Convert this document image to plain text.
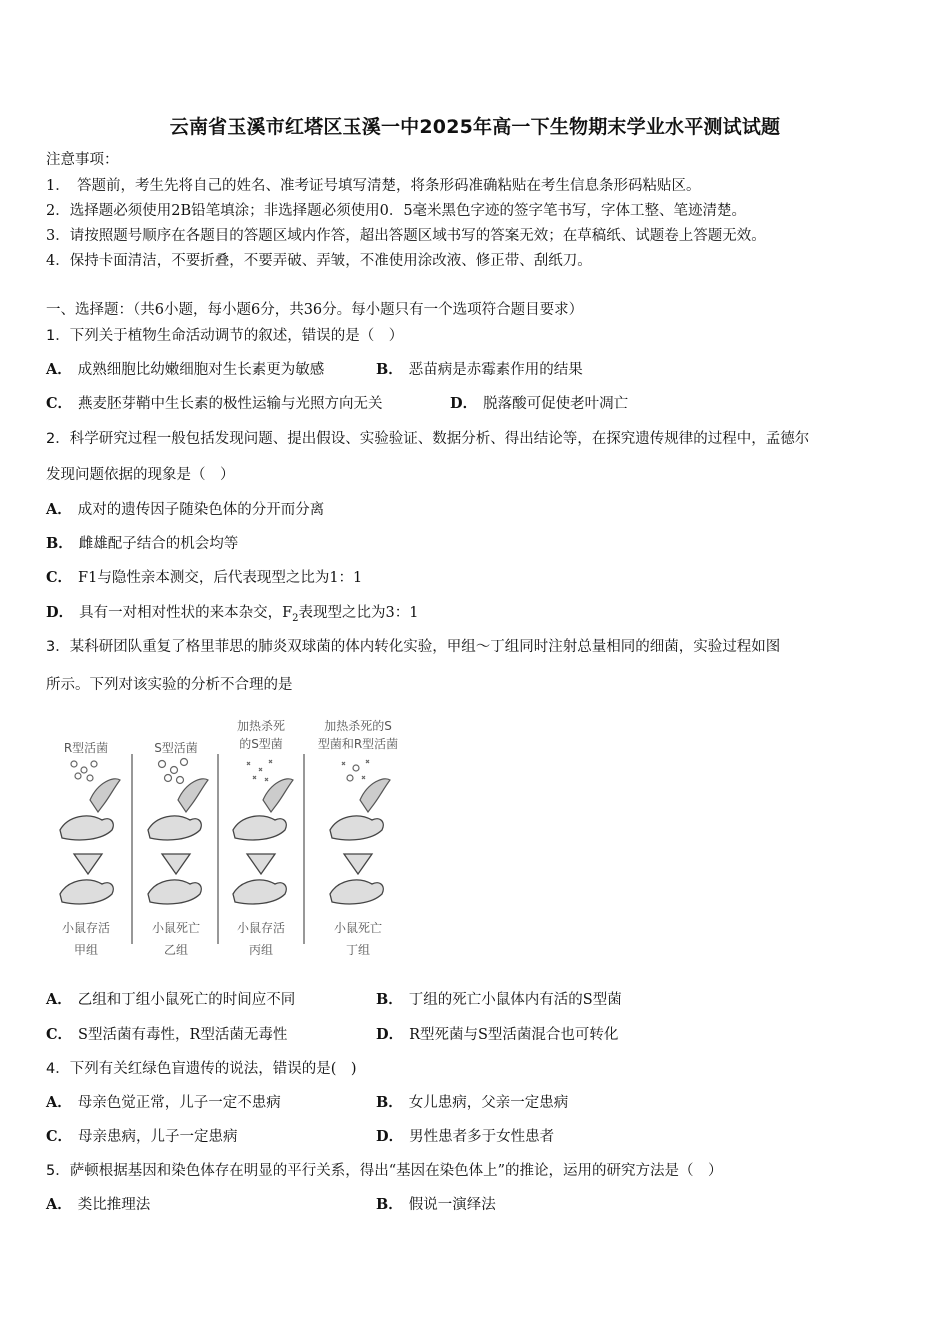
云南省玉溪市红塔区玉溪一中2025年高一下生物期末学业水平测试试题
注意事项：
1．　答题前，考生先将自己的姓名、准考证号填写清楚，将条形码准确粘贴在考生信息条形码粘贴区。
2．选择题必须使用2B铅笔填涂；非选择题必须使用0．5毫米黑色字迹的签字笔书写，字体工整、笔迹清楚。
3．请按照题号顺序在各题目的答题区域内作答，超出答题区域书写的答案无效；在草稿纸、试题卷上答题无效。
4．保持卡面清洁，不要折叠，不要弄破、弄皱，不准使用涂改液、修正带、刮纸刀。
一、选择题：（共6小题，每小题6分，共36分。每小题只有一个选项符合题目要求）
1．下列关于植物生命活动调节的叙述，错误的是（　）
A． 成熟细胞比幼嫩细胞对生长素更为敏感	B． 恶苗病是赤霉素作用的结果
C． 燕麦胚芽鞘中生长素的极性运输与光照方向无关	D． 脱落酸可促使老叶凋亡
2．科学研究过程一般包括发现问题、提出假设、实验验证、数据分析、得出结论等，在探究遗传规律的过程中，孟德尔
发现问题依据的现象是（　）
A． 成对的遗传因子随染色体的分开而分离
B． 雌雄配子结合的机会均等
C． F1与隐性亲本测交，后代表现型之比为1：1
D． 具有一对相对性状的来本杂交，$F_2$表现型之比为3：1
3．某科研团队重复了格里菲思的肺炎双球菌的体内转化实验，甲组～丁组同时注射总量相同的细菌，实验过程如图
所示。下列对该实验的分析不合理的是
R型活菌	S型活菌
加热杀死
的S型菌
加热杀死的S
型菌和R型活菌
小鼠存活	小鼠死亡	小鼠存活	小鼠死亡
甲组	乙组	丙组	丁组
A． 乙组和丁组小鼠死亡的时间应不同	B． 丁组的死亡小鼠体内有活的S型菌
C． S型活菌有毒性，R型活菌无毒性	D． R型死菌与S型活菌混合也可转化
4．下列有关红绿色盲遗传的说法，错误的是(　)
A． 母亲色觉正常，儿子一定不患病	B． 女儿患病，父亲一定患病
C． 母亲患病，儿子一定患病	D． 男性患者多于女性患者
5．萨顿根据基因和染色体存在明显的平行关系，得出“基因在染色体上”的推论，运用的研究方法是（　）
A． 类比推理法	B． 假说一演绎法
